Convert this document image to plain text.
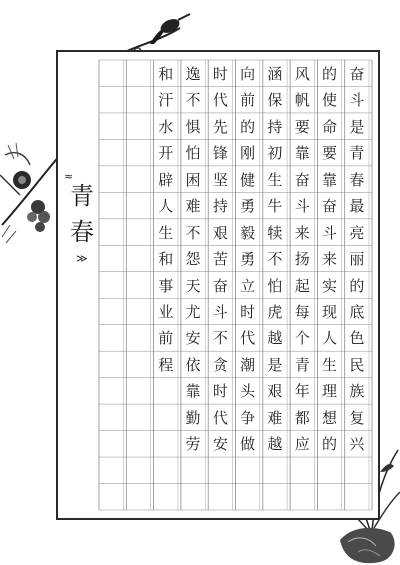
≈
青
春
≫
奋
斗
是
青
春
最
亮
丽
的
底
色
民
族
复
兴
的
使
命
要
靠
奋
斗
来
实
现
人
生
理
想
的
风
帆
要
靠
奋
斗
来
扬
起
每
个
青
年
都
应
涵
保
持
初
生
牛
犊
不
怕
虎
越
是
艰
难
越
向
前
的
刚
健
勇
毅
勇
立
时
代
潮
头
争
做
时
代
先
锋
坚
持
艰
苦
奋
斗
不
贪
时
代
安
逸
不
惧
怕
困
难
不
怨
天
尤
安
依
靠
勤
劳
和
汗
水
开
辟
人
生
和
事
业
前
程
